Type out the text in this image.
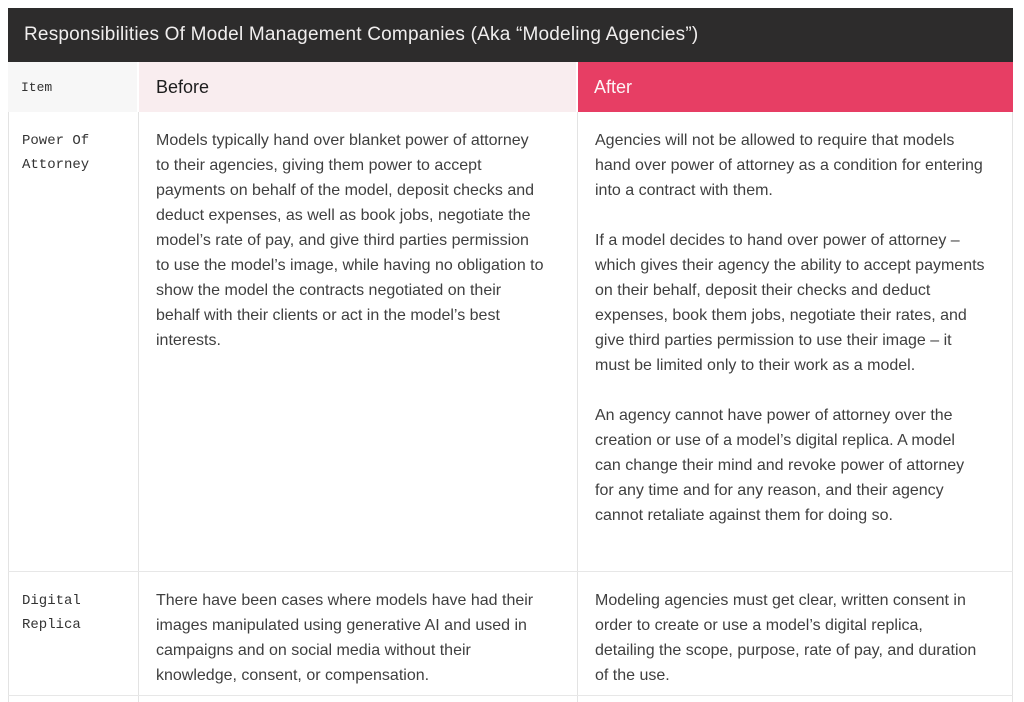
Responsibilities Of Model Management Companies (Aka “Modeling Agencies”)
Item	Before	After
Power Of Attorney

Models typically hand over blanket power of attorney to their agencies, giving them power to accept payments on behalf of the model, deposit checks and deduct expenses, as well as book jobs, negotiate the model’s rate of pay, and give third parties permission to use the model’s image, while having no obligation to show the model the contracts negotiated on their behalf with their clients or act in the model’s best interests.

Agencies will not be allowed to require that models hand over power of attorney as a condition for entering into a contract with them.

If a model decides to hand over power of attorney – which gives their agency the ability to accept payments on their behalf, deposit their checks and deduct expenses, book them jobs, negotiate their rates, and give third parties permission to use their image – it must be limited only to their work as a model.

An agency cannot have power of attorney over the creation or use of a model’s digital replica. A model can change their mind and revoke power of attorney for any time and for any reason, and their agency cannot retaliate against them for doing so.

Digital Replica

There have been cases where models have had their images manipulated using generative AI and used in campaigns and on social media without their knowledge, consent, or compensation.

Modeling agencies must get clear, written consent in order to create or use a model’s digital replica, detailing the scope, purpose, rate of pay, and duration of the use.
